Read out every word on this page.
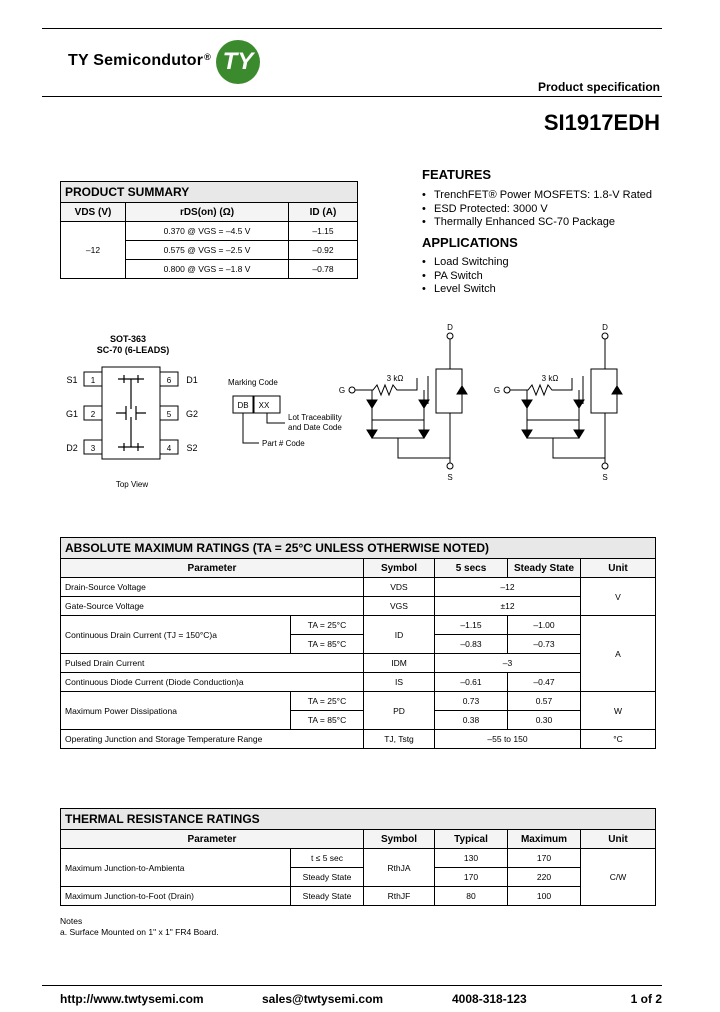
TY Semicondutor® TY
Product specification
SI1917EDH
FEATURES
• TrenchFET® Power MOSFETS: 1.8-V Rated
• ESD Protected: 3000 V
• Thermally Enhanced SC-70 Package
APPLICATIONS
• Load Switching
• PA Switch
• Level Switch
PRODUCT SUMMARY		
VDS (V)	rDS(on) (Ω)	ID (A)
–12	0.370 @ VGS = –4.5 V	–1.15
	0.575 @ VGS = –2.5 V	–0.92
	0.800 @ VGS = –1.8 V	–0.78
SOT-363
SC-70 (6-LEADS)
1
2
3
6
5
4
S1
G1
D2
D1
G2
S2
Top View
Marking Code
DB XX
Lot Traceability
and Date Code
Part # Code
D
G
S
3 kΩ
D
G
S
3 kΩ
ABSOLUTE MAXIMUM RATINGS (TA = 25°C UNLESS OTHERWISE NOTED)					
Parameter		Symbol	5 secs	Steady State	Unit
Drain-Source Voltage		VDS	–12		V
Gate-Source Voltage		VGS	±12		
Continuous Drain Current (TJ = 150°C)a	TA = 25°C	ID	–1.15	–1.00	A
	TA = 85°C		–0.83	–0.73	
Pulsed Drain Current		IDM	–3		
Continuous Diode Current (Diode Conduction)a		IS	–0.61	–0.47	
Maximum Power Dissipationa	TA = 25°C	PD	0.73	0.57	W
	TA = 85°C		0.38	0.30	
Operating Junction and Storage Temperature Range		TJ, Tstg	–55 to 150		°C
THERMAL RESISTANCE RATINGS					
Parameter		Symbol	Typical	Maximum	Unit
Maximum Junction-to-Ambienta	t ≤ 5 sec	RthJA	130	170	C/W
	Steady State		170	220	
Maximum Junction-to-Foot (Drain)	Steady State	RthJF	80	100	
Notes
a. Surface Mounted on 1" x 1" FR4 Board.
http://www.twtysemi.com	sales@twtysemi.com	4008-318-123	1 of 2
